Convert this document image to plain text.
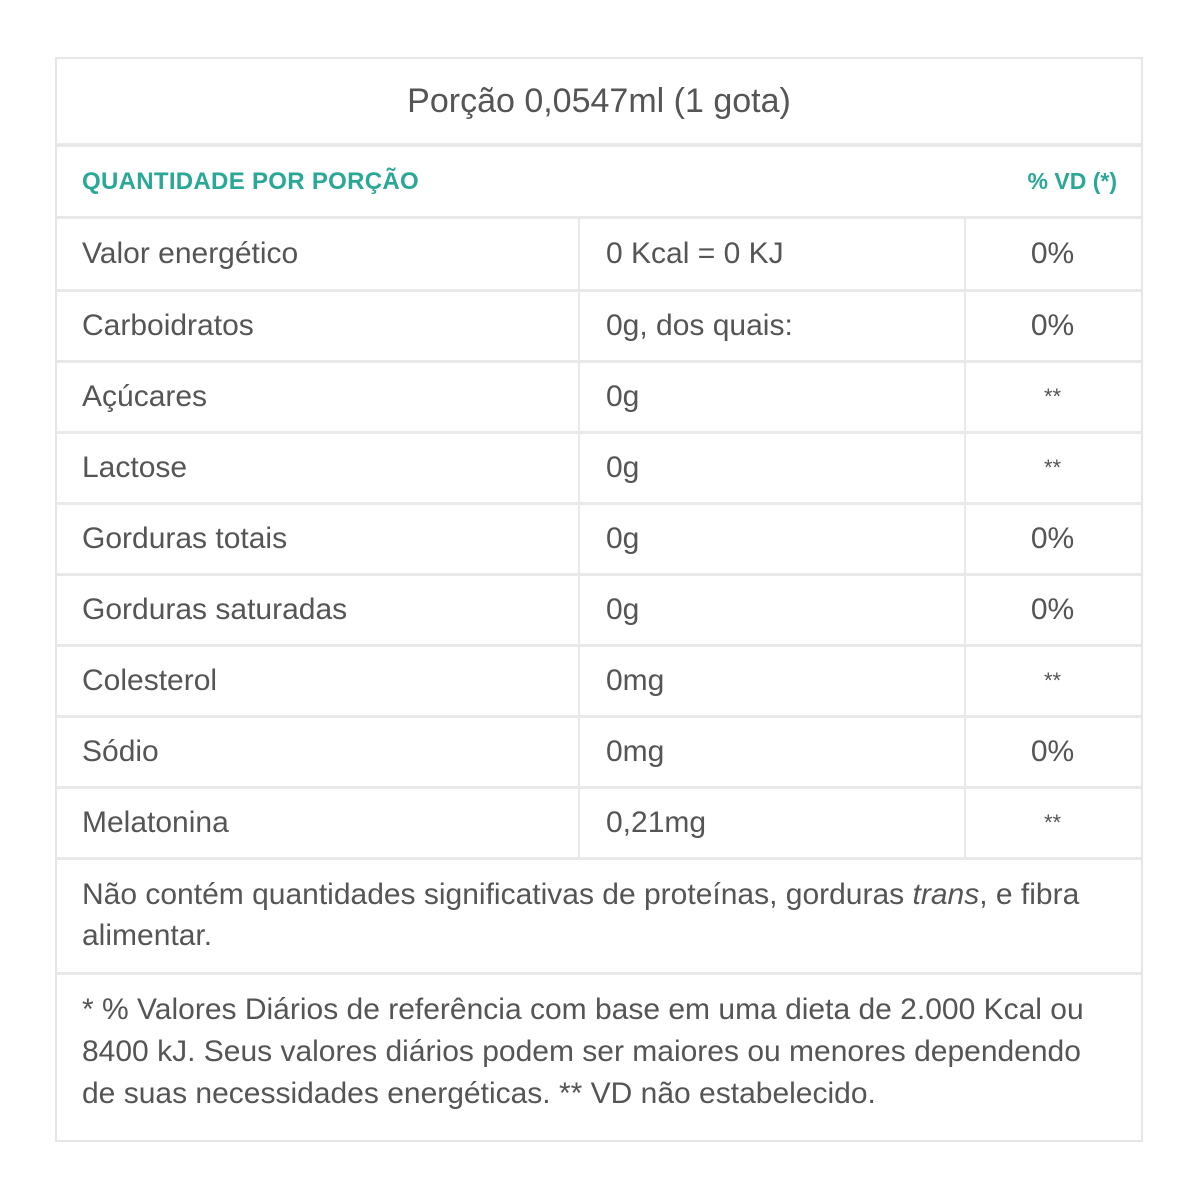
Porção 0,0547ml (1 gota)
QUANTIDADE POR PORÇÃO	% VD (*)
Valor energético	0 Kcal = 0 KJ	0%
Carboidratos	0g, dos quais:	0%
Açúcares	0g	**
Lactose	0g	**
Gorduras totais	0g	0%
Gorduras saturadas	0g	0%
Colesterol	0mg	**
Sódio	0mg	0%
Melatonina	0,21mg	**
Não contém quantidades significativas de proteínas, gorduras trans, e fibra alimentar.
* % Valores Diários de referência com base em uma dieta de 2.000 Kcal ou 8400 kJ. Seus valores diários podem ser maiores ou menores dependendo de suas necessidades energéticas. ** VD não estabelecido.
